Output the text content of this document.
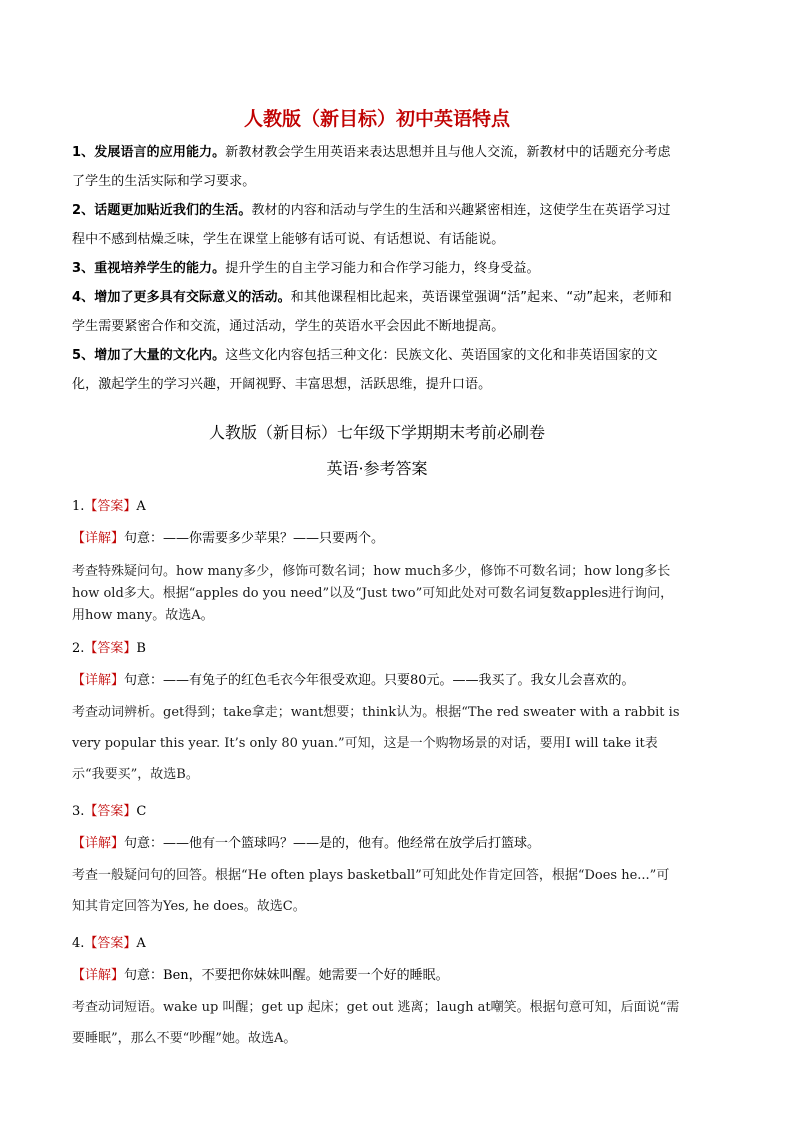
人教版（新目标）初中英语特点

1、发展语言的应用能力。新教材教会学生用英语来表达思想并且与他人交流，新教材中的话题充分考虑了学生的生活实际和学习要求。

2、话题更加贴近我们的生活。教材的内容和活动与学生的生活和兴趣紧密相连，这使学生在英语学习过程中不感到枯燥乏味，学生在课堂上能够有话可说、有话想说、有话能说。

3、重视培养学生的能力。提升学生的自主学习能力和合作学习能力，终身受益。

4、增加了更多具有交际意义的活动。和其他课程相比起来，英语课堂强调“活”起来、“动”起来，老师和学生需要紧密合作和交流，通过活动，学生的英语水平会因此不断地提高。

5、增加了大量的文化内。这些文化内容包括三种文化：民族文化、英语国家的文化和非英语国家的文化，激起学生的学习兴趣，开阔视野、丰富思想，活跃思维，提升口语。

人教版（新目标）七年级下学期期末考前必刷卷
英语·参考答案

1.【答案】A

【详解】句意：——你需要多少苹果？——只要两个。

考查特殊疑问句。how many多少，修饰可数名词；how much多少，修饰不可数名词；how long多长 how old多大。根据“apples do you need”以及“Just two”可知此处对可数名词复数apples进行询问，用how many。故选A。

2.【答案】B

【详解】句意：——有兔子的红色毛衣今年很受欢迎。只要80元。——我买了。我女儿会喜欢的。

考查动词辨析。get得到；take拿走；want想要；think认为。根据“The red sweater with a rabbit is very popular this year. It’s only 80 yuan.”可知，这是一个购物场景的对话，要用I will take it表示“我要买”，故选B。

3.【答案】C

【详解】句意：——他有一个篮球吗？——是的，他有。他经常在放学后打篮球。

考查一般疑问句的回答。根据“He often plays basketball”可知此处作肯定回答，根据“Does he...”可知其肯定回答为Yes, he does。故选C。

4.【答案】A

【详解】句意：Ben，不要把你妹妹叫醒。她需要一个好的睡眠。

考查动词短语。wake up 叫醒；get up 起床；get out 逃离；laugh at嘲笑。根据句意可知，后面说“需要睡眠”，那么不要“吵醒”她。故选A。
